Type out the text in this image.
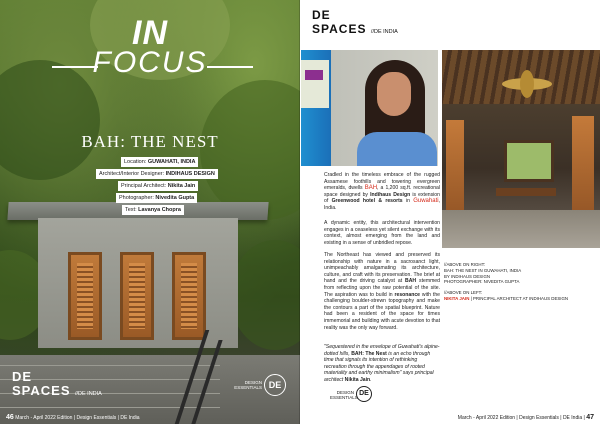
IN
FOCUS
BAH: THE NEST
Location: GUWAHATI, INDIA
Architect/Interior Designer: INDIHAUS DESIGN
Principal Architect: Nikita Jain
Photographer: Nivedita Gupta
Text: Lavanya Chopra
DE
SPACES //DE INDIA
DESIGN ESSENTIALS DE
46 March - April 2022 Edition | Design Essentials | DE India
DE
SPACES //DE INDIA

Cradled in the timeless embrace of the rugged Assamese foothills and towering evergreen emeralds, dwells BAH, a 1,200 sq.ft. recreational space designed by Indihaus Design is extension of Greenwood hotel & resorts in Guwahati, India.

A dynamic entity, this architectural intervention engages in a ceaseless yet silent exchange with its context, almost emerging from the land and existing in a sense of unbridled repose.

The Northeast has viewed and preserved its relationship with nature in a sacrosanct light, unimpeachably amalgamating its architecture, culture, and craft with its preservation. The brief at hand and the driving catalyst at BAH stemmed from reflecting upon the raw potential of the site. The aspiration was to build in resonance with the challenging boulder-strewn topography and make the contours a part of the spatial blueprint. Nature had been a resident of the space for times immemorial and building with acute devotion to that reality was the only way forward.

"Sequestered in the envelope of Guwahati's alpine-dotted hills, BAH: The Nest is an echo through time that signals its intention of rethinking recreation through the appendages of rooted materiality and earthy minimalism" says principal architect Nikita Jain.
//ABOVE ON RIGHT:
BAH: THE NEST IN GUWAHATI, INDIA
BY INDIHAUS DESIGN
PHOTOGRAPHER: NIVEDITA GUPTA
//ABOVE ON LEFT:
NIKITA JAIN | PRINCIPAL ARCHITECT AT INDIHAUS DESIGN
DESIGN ESSENTIALS
DE
March - April 2022 Edition | Design Essentials | DE India | 47
